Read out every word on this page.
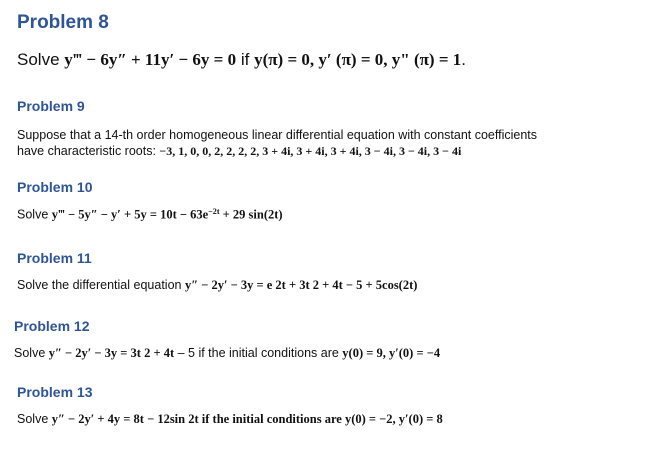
Problem 8
Solve y‴ − 6y″ + 11y′ − 6y = 0 if y(π) = 0, y′ (π) = 0, y" (π) = 1.
Problem 9
Suppose that a 14-th order homogeneous linear differential equation with constant coefficients
have characteristic roots: −3, 1, 0, 0, 2, 2, 2, 2, 3 + 4i, 3 + 4i, 3 + 4i, 3 − 4i, 3 − 4i, 3 − 4i
Problem 10
Solve y‴ − $5y'' - y' + 5y = 10t - 63e^{-2t} + 29$ sin(2t)
Problem 11
Solve the differential equation y″ − 2y′ − 3y = e 2t + 3t 2 + 4t − 5 + 5cos(2t)
Problem 12
Solve y″ − 2y′ − 3y = 3t 2 + 4t – 5 if the initial conditions are y(0) = 9, y′(0) = −4
Problem 13
Solve y″ − 2y′ + 4y = 8t − 12sin 2t if the initial conditions are y(0) = −2, y′(0) = 8
